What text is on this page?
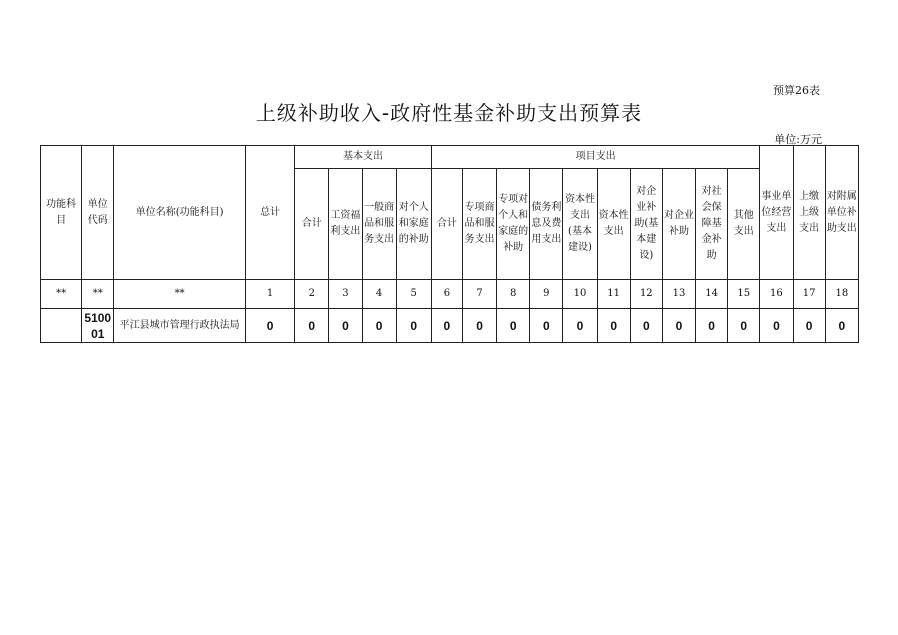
预算26表
上级补助收入-政府性基金补助支出预算表
单位:万元
功能科目	单位代码	单位名称(功能科目)	总计	基本支出				项目支出										事业单位经营支出	上缴上级支出	对附属单位补助支出
				合计	工资福利支出	一般商品和服务支出	对个人和家庭的补助	合计	专项商品和服务支出	专项对个人和家庭的补助	债务利息及费用支出	资本性支出(基本建设)	资本性支出	对企业补助(基本建设)	对企业补助	对社会保障基金补助	其他支出			
**	**	**	1	2	3	4	5	6	7	8	9	10	11	12	13	14	15	16	17	18
	510001	平江县城市管理行政执法局	0	0	0	0	0	0	0	0	0	0	0	0	0	0	0	0	0	0
